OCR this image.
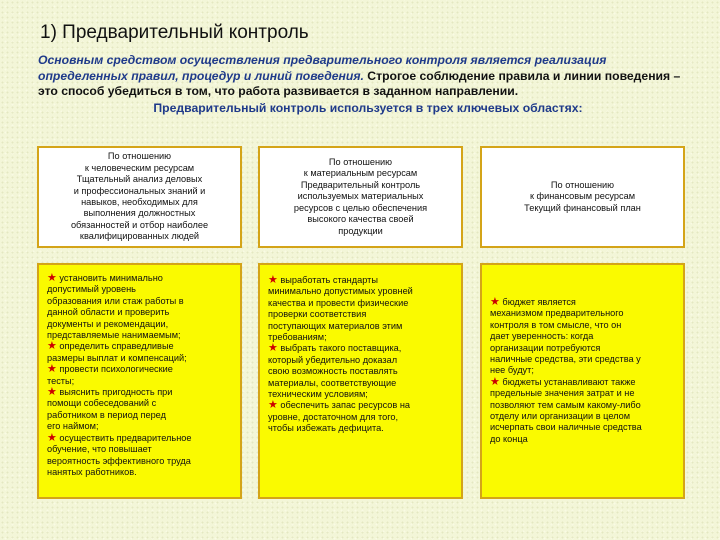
1) Предварительный контроль
Основным средством осуществления предварительного контроля является реализация определенных правил, процедур и линий поведения. Строгое соблюдение правила и линии поведения – это способ убедиться в том, что работа развивается в заданном направлении.
Предварительный контроль используется в трех ключевых областях:
По отношению
к человеческим ресурсам
Тщательный анализ деловых
и профессиональных знаний и
навыков, необходимых для
выполнения должностных
обязанностей и отбор наиболее
квалифицированных людей
По отношению
к материальным ресурсам
Предварительный контроль
используемых материальных
ресурсов с целью обеспечения
высокого качества своей
продукции
По отношению
к финансовым ресурсам
Текущий финансовый план
★ установить минимально
допустимый уровень
образования или стаж работы в
данной области и проверить
документы и рекомендации,
представляемые нанимаемым;
★ определить справедливые
размеры выплат и компенсаций;
★ провести психологические
тесты;
★ выяснить пригодность при
помощи собеседований с
работником в период перед
его наймом;
★ осуществить предварительное
обучение, что повышает
вероятность эффективного труда
нанятых работников.
★ выработать стандарты
минимально допустимых уровней
качества и провести физические
проверки соответствия
поступающих материалов этим
требованиям;
★ выбрать такого поставщика,
который убедительно доказал
свою возможность поставлять
материалы, соответствующие
техническим условиям;
★ обеспечить запас ресурсов на
уровне, достаточном для того,
чтобы избежать дефицита.
★ бюджет является
механизмом предварительного
контроля в том смысле, что он
дает уверенность: когда
организации потребуются
наличные средства, эти средства у
нее будут;
★ бюджеты устанавливают также
предельные значения затрат и не
позволяют тем самым какому-либо
отделу или организации в целом
исчерпать свои наличные средства
до конца
